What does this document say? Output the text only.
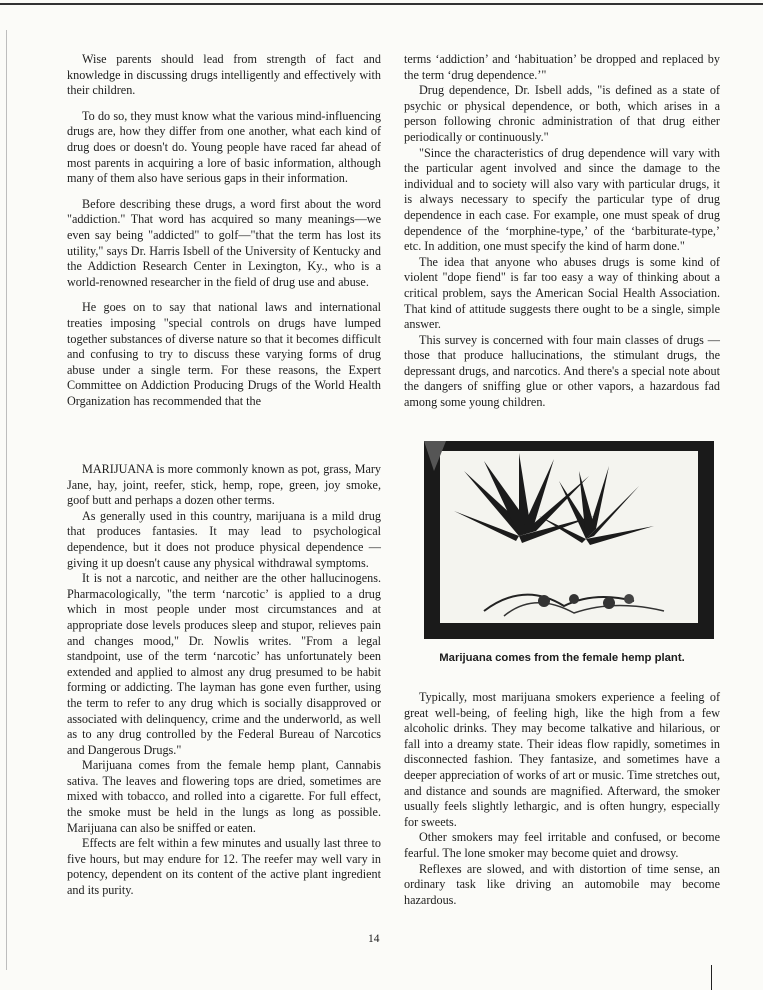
Wise parents should lead from strength of fact and knowledge in discussing drugs intelligently and effectively with their children.

To do so, they must know what the various mind-influencing drugs are, how they differ from one another, what each kind of drug does or doesn't do. Young people have raced far ahead of most parents in acquiring a lore of basic information, although many of them also have serious gaps in their information.

Before describing these drugs, a word first about the word "addiction." That word has acquired so many meanings—we even say being "addicted" to golf—"that the term has lost its utility," says Dr. Harris Isbell of the University of Kentucky and the Addiction Research Center in Lexington, Ky., who is a world-renowned researcher in the field of drug use and abuse.

He goes on to say that national laws and international treaties imposing "special controls on drugs have lumped together substances of diverse nature so that it becomes difficult and confusing to try to discuss these varying forms of drug abuse under a single term. For these reasons, the Expert Committee on Addiction Producing Drugs of the World Health Organization has recommended that the

terms ‘addiction’ and ‘habituation’ be dropped and replaced by the term ‘drug dependence.’"

Drug dependence, Dr. Isbell adds, "is defined as a state of psychic or physical dependence, or both, which arises in a person following chronic administration of that drug either periodically or continuously."

"Since the characteristics of drug dependence will vary with the particular agent involved and since the damage to the individual and to society will also vary with particular drugs, it is always necessary to specify the particular type of drug dependence in each case. For example, one must speak of drug dependence of the ‘morphine-type,’ of the ‘barbiturate-type,’ etc. In addition, one must specify the kind of harm done."

The idea that anyone who abuses drugs is some kind of violent "dope fiend" is far too easy a way of thinking about a critical problem, says the American Social Health Association. That kind of attitude suggests there ought to be a single, simple answer.

This survey is concerned with four main classes of drugs —those that produce hallucinations, the stimulant drugs, the depressant drugs, and narcotics. And there's a special note about the dangers of sniffing glue or other vapors, a hazardous fad among some young children.

MARIJUANA is more commonly known as pot, grass, Mary Jane, hay, joint, reefer, stick, hemp, rope, green, joy smoke, goof butt and perhaps a dozen other terms.

As generally used in this country, marijuana is a mild drug that produces fantasies. It may lead to psychological dependence, but it does not produce physical dependence —giving it up doesn't cause any physical withdrawal symptoms.

It is not a narcotic, and neither are the other hallucinogens. Pharmacologically, "the term ‘narcotic’ is applied to a drug which in most people under most circumstances and at appropriate dose levels produces sleep and stupor, relieves pain and changes mood," Dr. Nowlis writes. "From a legal standpoint, use of the term ‘narcotic’ has unfortunately been extended and applied to almost any drug presumed to be habit forming or addicting. The layman has gone even further, using the term to refer to any drug which is socially disapproved or associated with delinquency, crime and the underworld, as well as to any drug controlled by the Federal Bureau of Narcotics and Dangerous Drugs."

Marijuana comes from the female hemp plant, Cannabis sativa. The leaves and flowering tops are dried, sometimes are mixed with tobacco, and rolled into a cigarette. For full effect, the smoke must be held in the lungs as long as possible. Marijuana can also be sniffed or eaten.

Effects are felt within a few minutes and usually last three to five hours, but may endure for 12. The reefer may well vary in potency, dependent on its content of the active plant ingredient and its purity.

Marijuana comes from the female hemp plant.

Typically, most marijuana smokers experience a feeling of great well-being, of feeling high, like the high from a few alcoholic drinks. They may become talkative and hilarious, or fall into a dreamy state. Their ideas flow rapidly, sometimes in disconnected fashion. They fantasize, and sometimes have a deeper appreciation of works of art or music. Time stretches out, and distance and sounds are magnified. Afterward, the smoker usually feels slightly lethargic, and is often hungry, especially for sweets.

Other smokers may feel irritable and confused, or become fearful. The lone smoker may become quiet and drowsy.

Reflexes are slowed, and with distortion of time sense, an ordinary task like driving an automobile may become hazardous.

14
